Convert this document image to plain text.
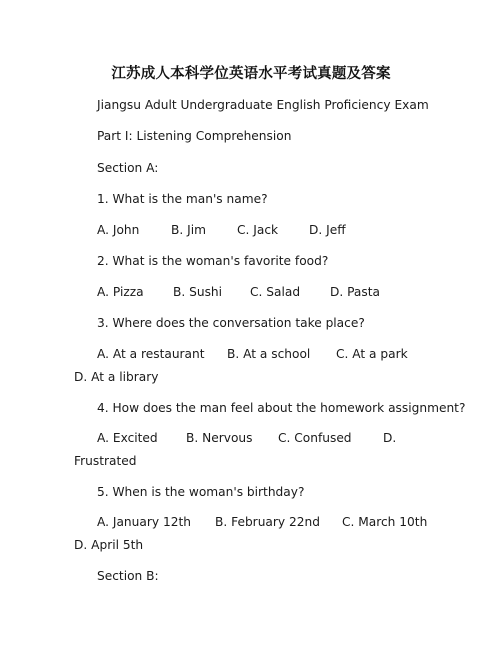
江苏成人本科学位英语水平考试真题及答案
Jiangsu Adult Undergraduate English Proficiency Exam
Part I: Listening Comprehension
Section A:
1. What is the man's name?
A. John	B. Jim	C. Jack	D. Jeff
2. What is the woman's favorite food?
A. Pizza B. Sushi C. Salad D. Pasta
3. Where does the conversation take place?
A. At a restaurant B. At a school C. At a park
D. At a library
4. How does the man feel about the homework assignment?
A. Excited B. Nervous C. Confused	D.
Frustrated
5. When is the woman's birthday?
A. January 12th B. February 22nd C. March 10th
D. April 5th
Section B:
